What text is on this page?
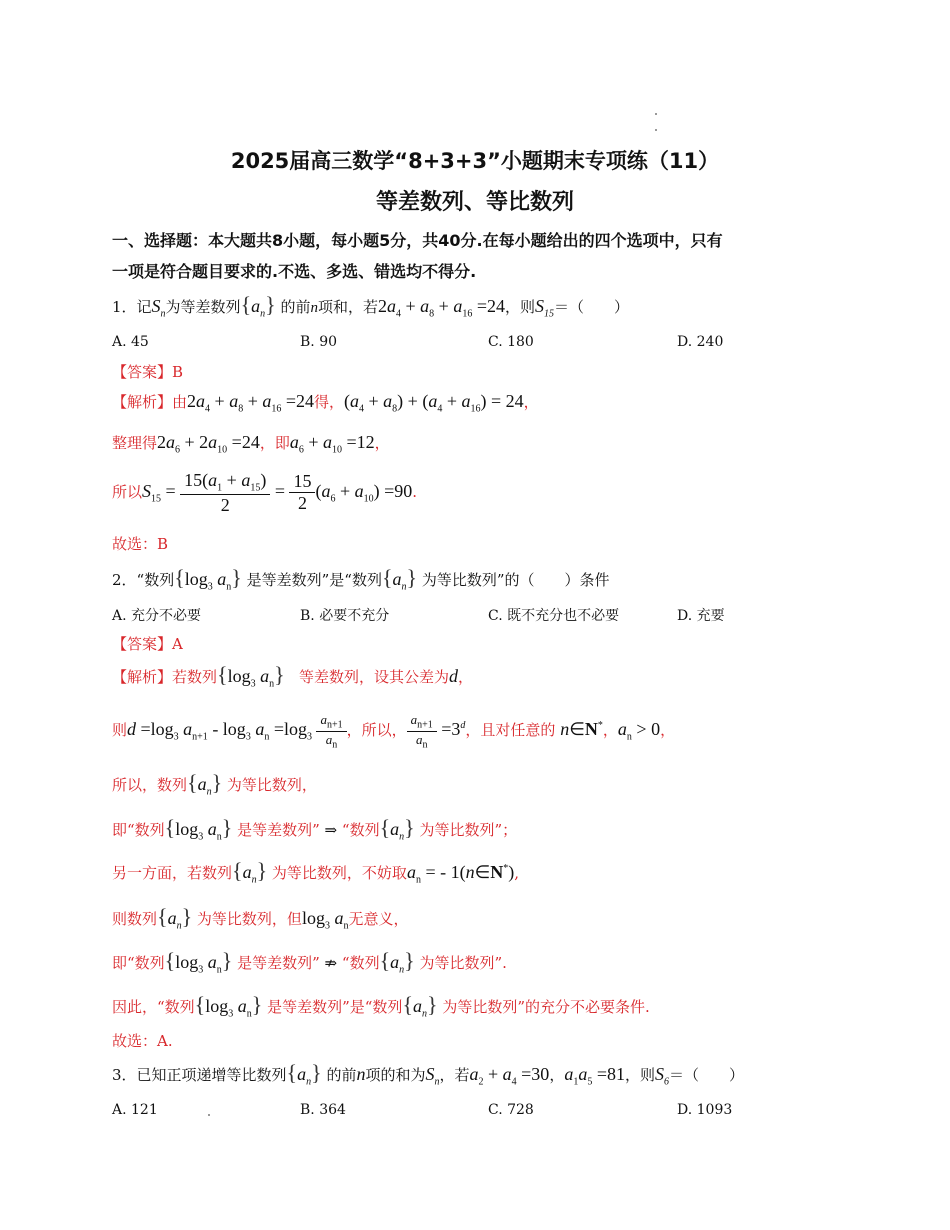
2025届高三数学“8+3+3”小题期末专项练（11）
等差数列、等比数列
一、选择题：本大题共8小题，每小题5分，共40分.在每小题给出的四个选项中，只有
一项是符合题目要求的.不选、多选、错选均不得分.
1．记$S_n$为等差数列$\{a_n\}$ 的前n项和，若$2a_4 + a_8 + a_{16} =24$，则$S_{15}=$（　　）
A. 45	B. 90	C. 180	D. 240
【答案】B
【解析】由$2a_4 + a_8 + a_{16} =24$得，$(a_4 + a_8) + (a_4 + a_{16}) = 24$，
整理得$2a_6 + 2a_{10} =24$，即$a_6 + a_{10} =12$，
所以$S_{15} = \frac{15(a_1 + a_{15})}{2} = \frac{15}{2} (a_6 + a_{10}) =90$.
故选：B
2．“数列{$\log_3$ $a_n$} 是等差数列”是“数列$\{a_n\}$ 为等比数列”的（　　）条件
A. 充分不必要	B. 必要不充分	C. 既不充分也不必要	D. 充要
【答案】A
【解析】若数列{$\log_3$ $a_n$} 等差数列，设其公差为d，
则$d =\log_3$ $a_{n+1} - \log_3 a_n =\log_3 \frac{a_{n+1}}{a_n}$ ，所以， $\frac{a_{n+1}}{a_n} =3^d$，且对任意的 n∈N*，$a_n > 0$，
所以，数列$\{a_n\}$ 为等比数列，
即“数列{$\log_3$ $a_n$} 是等差数列” ⇒ “数列$\{a_n\}$ 为等比数列”；
另一方面，若数列$\{a_n\}$ 为等比数列，不妨取$a_n$ = - 1(n∈N*),
则数列$\{a_n\}$ 为等比数列，但$\log_3 a_n$无意义，
即“数列{$\log_3$ $a_n$} 是等差数列” ⇏ “数列$\{a_n\}$ 为等比数列”.
因此，“数列{$\log_3$ $a_n$} 是等差数列”是“数列$\{a_n\}$ 为等比数列”的充分不必要条件.
故选：A.
3．已知正项递增等比数列$\{a_n\}$ 的前n项的和为$S_n$，若$a_2 + a_4 =30$，$a_1a_5 =81$，则$S_6=$（　　）
A. 121	B. 364	C. 728	D. 1093
